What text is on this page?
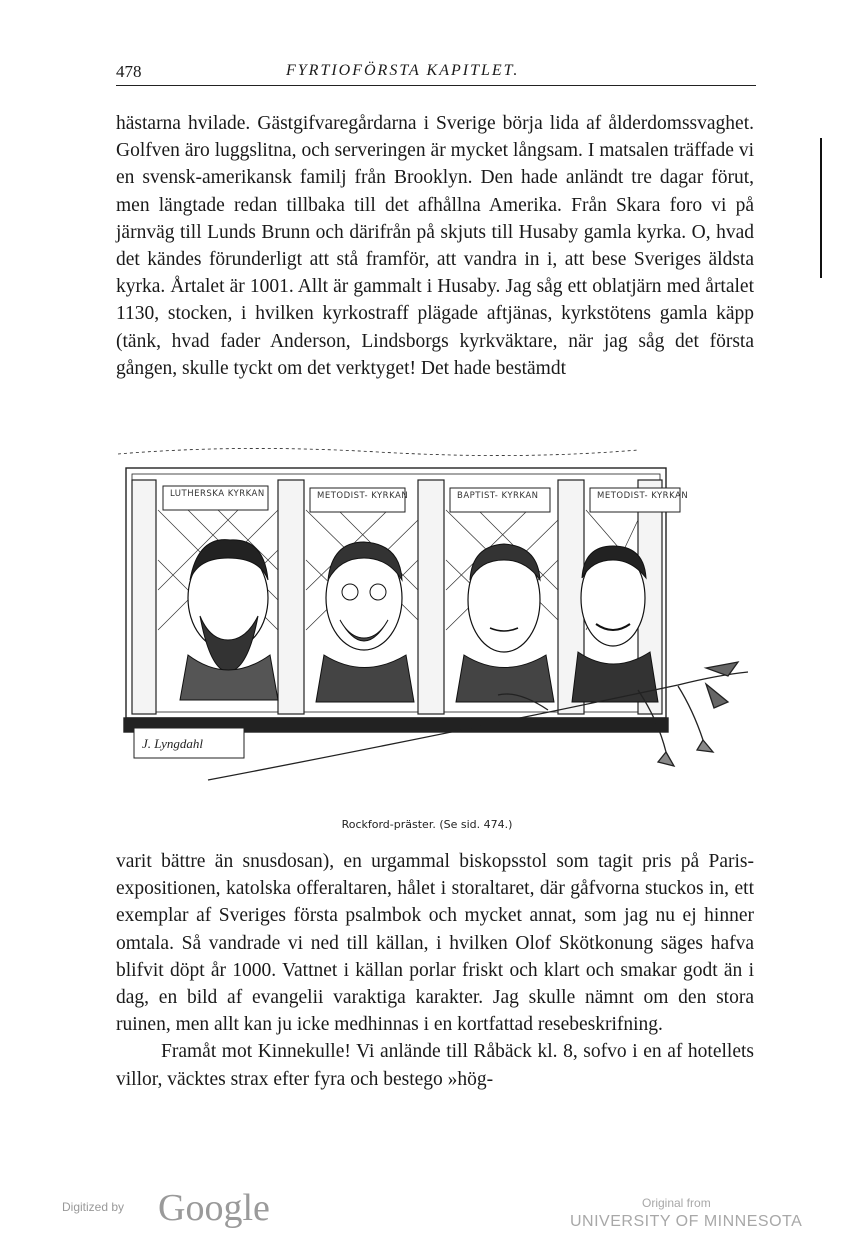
478	FYRTIOFÖRSTA KAPITLET.

hästarna hvilade. Gästgifvaregårdarna i Sverige börja lida af ålderdomssvaghet. Golfven äro luggslitna, och serveringen är mycket långsam. I matsalen träffade vi en svensk-amerikansk familj från Brooklyn. Den hade anländt tre dagar förut, men längtade redan tillbaka till det afhållna Amerika. Från Skara foro vi på järnväg till Lunds Brunn och därifrån på skjuts till Husaby gamla kyrka. O, hvad det kändes förunderligt att stå framför, att vandra in i, att bese Sveriges äldsta kyrka. Årtalet är 1001. Allt är gammalt i Husaby. Jag såg ett oblatjärn med årtalet 1130, stocken, i hvilken kyrkostraff plägade aftjänas, kyrkstötens gamla käpp (tänk, hvad fader Anderson, Lindsborgs kyrkväktare, när jag såg det första gången, skulle tyckt om det verktyget! Det hade bestämdt

LUTHERSKA KYRKAN	METODIST- KYRKAN	BAPTIST- KYRKAN	METODIST- KYRKAN
J. Lyngdahl
Rockford-präster. (Se sid. 474.)

varit bättre än snusdosan), en urgammal biskopsstol som tagit pris på Paris-expositionen, katolska offeraltaren, hålet i storaltaret, där gåfvorna stuckos in, ett exemplar af Sveriges första psalmbok och mycket annat, som jag nu ej hinner omtala. Så vandrade vi ned till källan, i hvilken Olof Skötkonung säges hafva blifvit döpt år 1000. Vattnet i källan porlar friskt och klart och smakar godt än i dag, en bild af evangelii varaktiga karakter. Jag skulle nämnt om den stora ruinen, men allt kan ju icke medhinnas i en kortfattad resebeskrifning.

Framåt mot Kinnekulle! Vi anlände till Råbäck kl. 8, sofvo i en af hotellets villor, väcktes strax efter fyra och bestego »hög-

Digitized by Google	Original from
UNIVERSITY OF MINNESOTA
